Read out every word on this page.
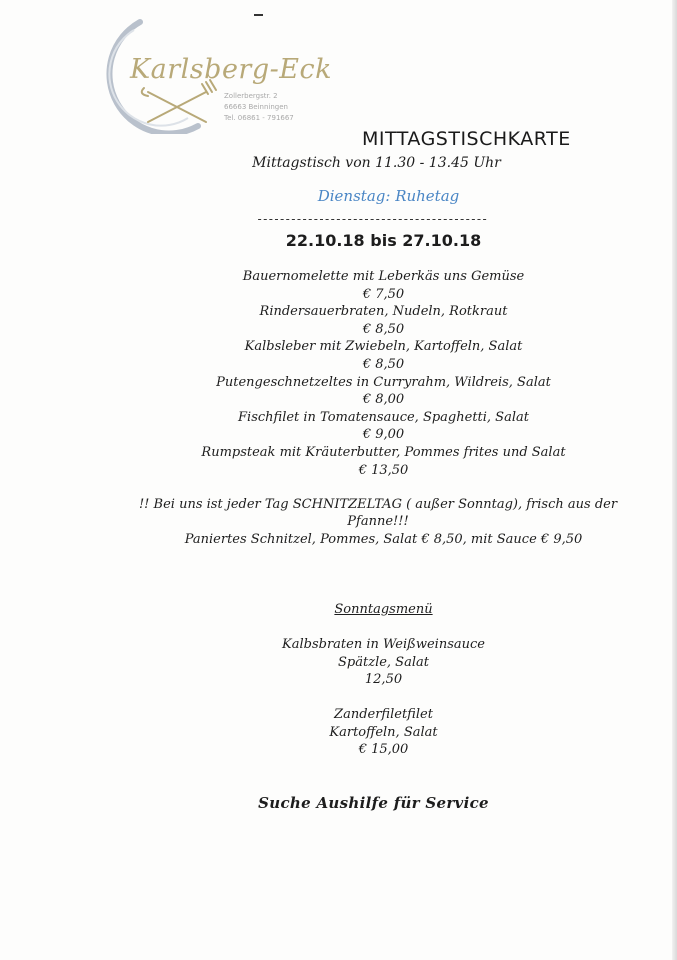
Karlsberg-Eck
Zollerbergstr. 2
66663 Beinningen
Tel. 06861 - 791667
MITTAGSTISCHKARTE
Mittagstisch von 11.30 - 13.45 Uhr
Dienstag: Ruhetag
-----------------------------------------
22.10.18 bis 27.10.18
Bauernomelette mit Leberkäs uns Gemüse
€ 7,50
Rindersauerbraten, Nudeln, Rotkraut
€ 8,50
Kalbsleber mit Zwiebeln, Kartoffeln, Salat
€ 8,50
Putengeschnetzeltes in Curryrahm, Wildreis, Salat
€ 8,00
Fischfilet in Tomatensauce, Spaghetti, Salat
€ 9,00
Rumpsteak mit Kräuterbutter, Pommes frites und Salat
€ 13,50
!! Bei uns ist jeder Tag SCHNITZELTAG ( außer Sonntag), frisch aus der Pfanne!!!
Paniertes Schnitzel, Pommes, Salat € 8,50, mit Sauce € 9,50
Sonntagsmenü
Kalbsbraten in Weißweinsauce
Spätzle, Salat
12,50
Zanderfiletfilet
Kartoffeln, Salat
€ 15,00
Suche Aushilfe für Service
